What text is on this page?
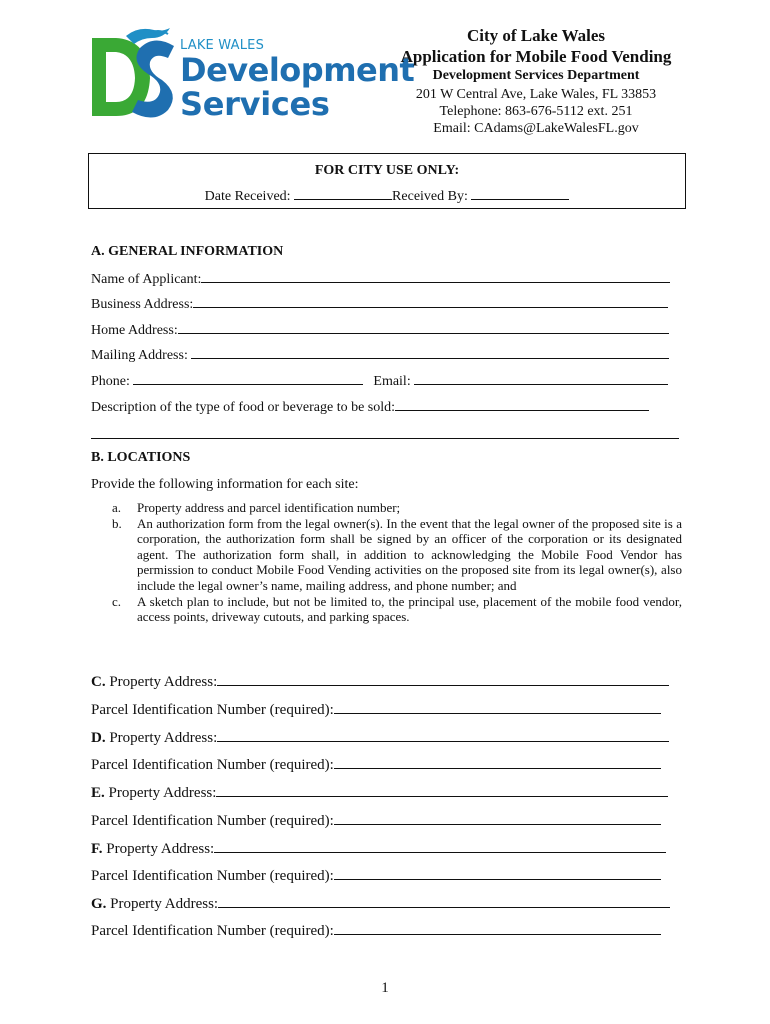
LAKE WALES
Development
Services
City of Lake Wales
Application for Mobile Food Vending
Development Services Department
201 W Central Ave, Lake Wales, FL 33853
Telephone: 863-676-5112 ext. 251
Email: CAdams@LakeWalesFL.gov
FOR CITY USE ONLY:
Date Received:	Received By:
A. GENERAL INFORMATION
Name of Applicant:
Business Address:
Home Address:
Mailing Address:
Phone:	Email:
Description of the type of food or beverage to be sold:
B. LOCATIONS
Provide the following information for each site:
a. Property address and parcel identification number;
b. An authorization form from the legal owner(s). In the event that the legal owner of the proposed site is a corporation, the authorization form shall be signed by an officer of the corporation or its designated agent. The authorization form shall, in addition to acknowledging the Mobile Food Vendor has permission to conduct Mobile Food Vending activities on the proposed site from its legal owner(s), also include the legal owner’s name, mailing address, and phone number; and
c. A sketch plan to include, but not be limited to, the principal use, placement of the mobile food vendor, access points, driveway cutouts, and parking spaces.
C. Property Address:
Parcel Identification Number (required):
D. Property Address:
Parcel Identification Number (required):
E. Property Address:
Parcel Identification Number (required):
F. Property Address:
Parcel Identification Number (required):
G. Property Address:
Parcel Identification Number (required):
1
